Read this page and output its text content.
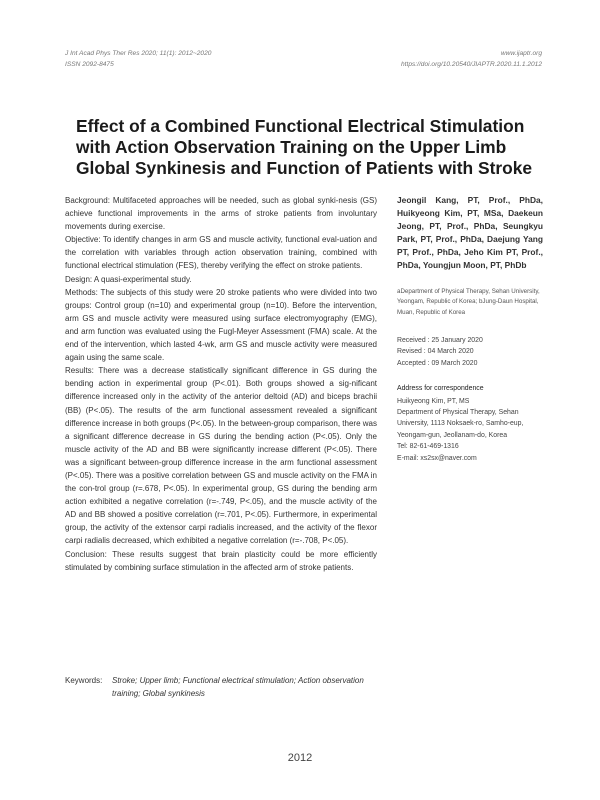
J Int Acad Phys Ther Res 2020; 11(1): 2012~2020
ISSN 2092-8475
www.ijaptr.org
https://doi.org/10.20540/JIAPTR.2020.11.1.2012
Effect of a Combined Functional Electrical Stimulation with Action Observation Training on the Upper Limb Global Synkinesis and Function of Patients with Stroke

Background: Multifaceted approaches will be needed, such as global synki-nesis (GS) achieve functional improvements in the arms of stroke patients from involuntary movements during exercise.

Objective: To identify changes in arm GS and muscle activity, functional eval-uation and the correlation with variables through action observation training, combined with functional electrical stimulation (FES), thereby verifying the effect on stroke patients.

Design: A quasi-experimental study.

Methods: The subjects of this study were 20 stroke patients who were divided into two groups: Control group (n=10) and experimental group (n=10). Before the intervention, arm GS and muscle activity were measured using surface electromyography (EMG), and arm function was evaluated using the Fugl-Meyer Assessment (FMA) scale. At the end of the intervention, which lasted 4-wk, arm GS and muscle activity were measured again using the same scale.

Results: There was a decrease statistically significant difference in GS during the bending action in experimental group (P<.01). Both groups showed a sig-nificant difference increased only in the activity of the anterior deltoid (AD) and biceps brachii (BB) (P<.05). The results of the arm functional assessment revealed a significant difference increase in both groups (P<.05). In the between-group comparison, there was a significant difference decrease in GS during the bending action (P<.05). Only the muscle activity of the AD and BB were significantly increase different (P<.05). There was a significant between-group difference increase in the arm functional assessment (P<.05). There was a positive correlation between GS and muscle activity on the FMA in the con-trol group (r=.678, P<.05). In experimental group, GS during the bending arm action exhibited a negative correlation (r=-.749, P<.05), and the muscle activity of the AD and BB showed a positive correlation (r=.701, P<.05). Furthermore, in experimental group, the activity of the extensor carpi radialis increased, and the activity of the flexor carpi radialis decreased, which exhibited a negative correlation (r=-.708, P<.05).

Conclusion: These results suggest that brain plasticity could be more efficiently stimulated by combining surface stimulation in the affected arm of stroke patients.

Keywords: Stroke; Upper limb; Functional electrical stimulation; Action observation training; Global synkinesis

Jeongil Kang, PT, Prof., PhDa, Huikyeong Kim, PT, MSa, Daekeun Jeong, PT, Prof., PhDa, Seungkyu Park, PT, Prof., PhDa, Daejung Yang PT, Prof., PhDa, Jeho Kim PT, Prof., PhDa, Youngjun Moon, PT, PhDb

aDepartment of Physical Therapy, Sehan University, Yeongam, Republic of Korea; bJung-Daun Hospital, Muan, Republic of Korea

Received : 25 January 2020
Revised : 04 March 2020
Accepted : 09 March 2020
Address for correspondence
Huikyeong Kim, PT, MS
Department of Physical Therapy, Sehan University, 1113 Noksaek-ro, Samho-eup, Yeongam-gun, Jeollanam-do, Korea
Tel: 82-61-469-1316
E-mail: xs2sx@naver.com
2012
